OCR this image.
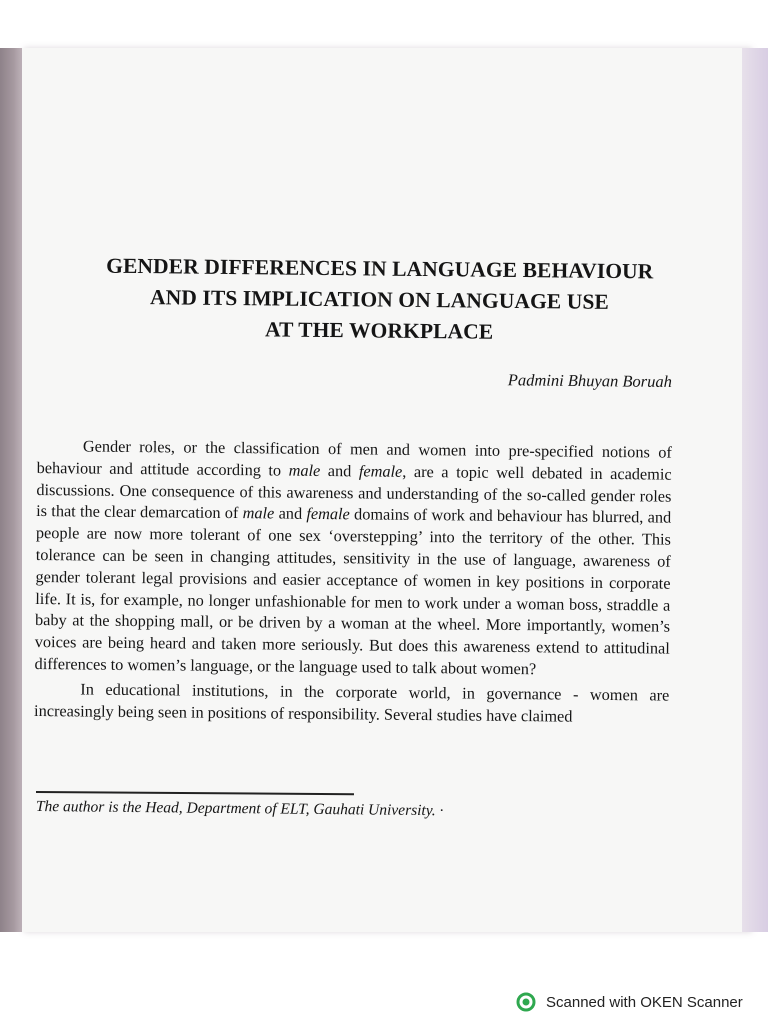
GENDER DIFFERENCES IN LANGUAGE BEHAVIOUR
AND ITS IMPLICATION ON LANGUAGE USE
AT THE WORKPLACE
Padmini Bhuyan Boruah

Gender roles, or the classification of men and women into pre-specified notions of behaviour and attitude according to male and female, are a topic well debated in academic discussions. One consequence of this awareness and understanding of the so-called gender roles is that the clear demarcation of male and female domains of work and behaviour has blurred, and people are now more tolerant of one sex ‘overstepping’ into the territory of the other. This tolerance can be seen in changing attitudes, sensitivity in the use of language, awareness of gender tolerant legal provisions and easier acceptance of women in key positions in corporate life. It is, for example, no longer unfashionable for men to work under a woman boss, straddle a baby at the shopping mall, or be driven by a woman at the wheel. More importantly, women’s voices are being heard and taken more seriously. But does this awareness extend to attitudinal differences to women’s language, or the language used to talk about women?

In educational institutions, in the corporate world, in governance - women are increasingly being seen in positions of responsibility. Several studies have claimed

The author is the Head, Department of ELT, Gauhati University. ·
Scanned with OKEN Scanner
